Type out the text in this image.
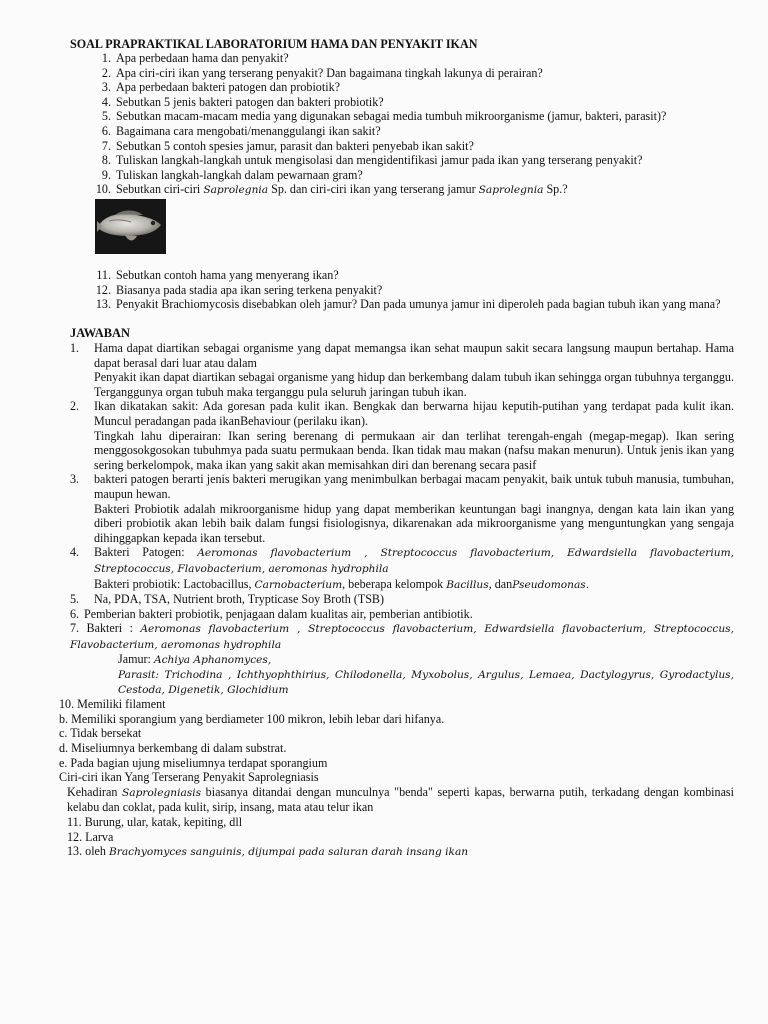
SOAL PRAPRAKTIKAL LABORATORIUM HAMA DAN PENYAKIT IKAN
1. Apa perbedaan hama dan penyakit?
2. Apa ciri-ciri ikan yang terserang penyakit? Dan bagaimana tingkah lakunya di perairan?
3. Apa perbedaan bakteri patogen dan probiotik?
4. Sebutkan 5 jenis bakteri patogen dan bakteri probiotik?
5. Sebutkan macam-macam media yang digunakan sebagai media tumbuh mikroorganisme (jamur, bakteri, parasit)?
6. Bagaimana cara mengobati/menanggulangi ikan sakit?
7. Sebutkan 5 contoh spesies jamur, parasit dan bakteri penyebab ikan sakit?
8. Tuliskan langkah-langkah untuk mengisolasi dan mengidentifikasi jamur pada ikan yang terserang penyakit?
9. Tuliskan langkah-langkah dalam pewarnaan gram?
10. Sebutkan ciri-ciri Saprolegnia Sp. dan ciri-ciri ikan yang terserang jamur Saprolegnia Sp.?
11. Sebutkan contoh hama yang menyerang ikan?
12. Biasanya pada stadia apa ikan sering terkena penyakit?
13. Penyakit Brachiomycosis disebabkan oleh jamur? Dan pada umunya jamur ini diperoleh pada bagian tubuh ikan yang mana?
JAWABAN
1.	Hama dapat diartikan sebagai organisme yang dapat memangsa ikan sehat maupun sakit secara langsung maupun bertahap. Hama dapat berasal dari luar atau dalam

Penyakit ikan dapat diartikan sebagai organisme yang hidup dan berkembang dalam tubuh ikan sehingga organ tubuhnya terganggu. Terganggunya organ tubuh maka terganggu pula seluruh jaringan tubuh ikan.

2.	Ikan dikatakan sakit: Ada goresan pada kulit ikan. Bengkak dan berwarna hijau keputih-putihan yang terdapat pada kulit ikan. Muncul peradangan pada ikanBehaviour (perilaku ikan).

Tingkah lahu diperairan: Ikan sering berenang di permukaan air dan terlihat terengah-engah (megap-megap). Ikan sering menggosokgosokan tubuhmya pada suatu permukaan benda. Ikan tidak mau makan (nafsu makan menurun). Untuk jenis ikan yang sering berkelompok, maka ikan yang sakit akan memisahkan diri dan berenang secara pasif

3.	bakteri patogen berarti jenis bakteri merugikan yang menimbulkan berbagai macam penyakit, baik untuk tubuh manusia, tumbuhan, maupun hewan.

Bakteri Probiotik adalah mikroorganisme hidup yang dapat memberikan keuntungan bagi inangnya, dengan kata lain ikan yang diberi probiotik akan lebih baik dalam fungsi fisiologisnya, dikarenakan ada mikroorganisme yang menguntungkan yang sengaja dihinggapkan kepada ikan tersebut.

4.	Bakteri Patogen: Aeromonas flavobacterium , Streptococcus flavobacterium, Edwardsiella flavobacterium, Streptococcus, Flavobacterium, aeromonas hydrophila

Bakteri probiotik: Lactobacillus, Carnobacterium, beberapa kelompok Bacillus, danPseudomonas.

5.	Na, PDA, TSA, Nutrient broth, Trypticase Soy Broth (TSB)

6. Pemberian bakteri probiotik, penjagaan dalam kualitas air, pemberian antibiotik.

7. Bakteri : Aeromonas flavobacterium , Streptococcus flavobacterium, Edwardsiella flavobacterium, Streptococcus, Flavobacterium, aeromonas hydrophila

Jamur: Achiya Aphanomyces,

Parasit: Trichodina , Ichthyophthirius, Chilodonella, Myxobolus, Argulus, Lemaea, Dactylogyrus, Gyrodactylus, Cestoda, Digenetik, Glochidium

10. Memiliki filament
b. Memiliki sporangium yang berdiameter 100 mikron, lebih lebar dari hifanya.
c. Tidak bersekat
d. Miseliumnya berkembang di dalam substrat.
e. Pada bagian ujung miseliumnya terdapat sporangium
Ciri-ciri ikan Yang Terserang Penyakit Saprolegniasis
Kehadiran Saprolegniasis biasanya ditandai dengan munculnya "benda" seperti kapas, berwarna putih, terkadang dengan kombinasi kelabu dan coklat, pada kulit, sirip, insang, mata atau telur ikan
11. Burung, ular, katak, kepiting, dll
12. Larva
13. oleh Brachyomyces sanguinis, dijumpai pada saluran darah insang ikan
